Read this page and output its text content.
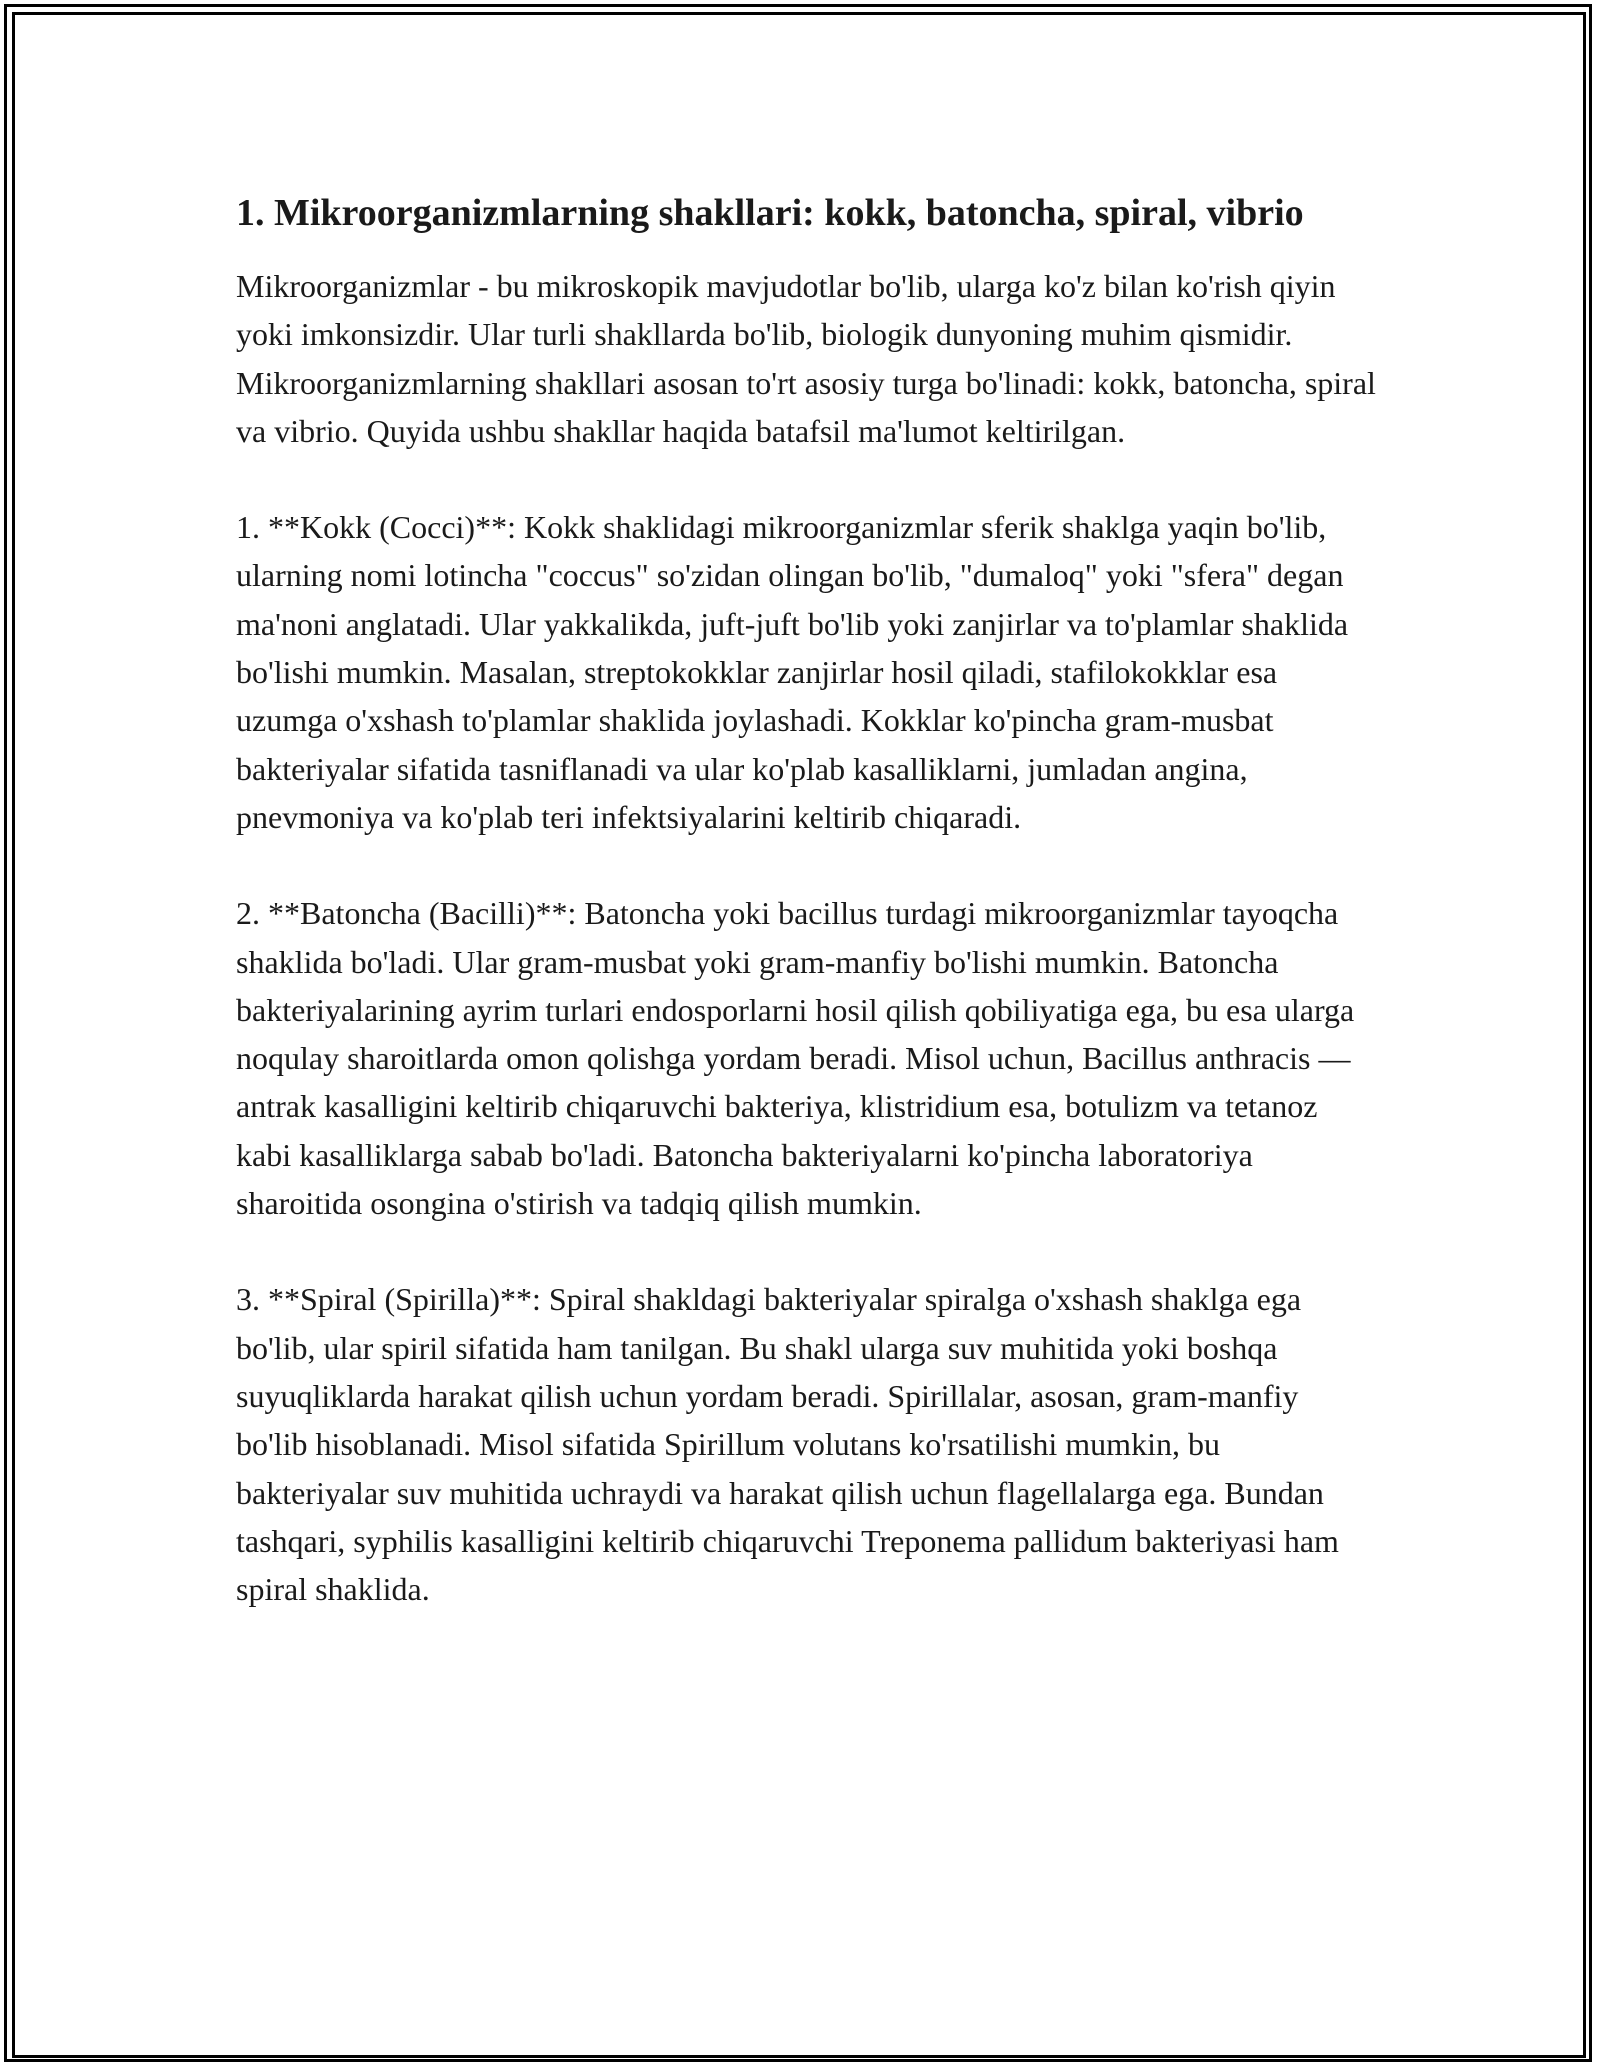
1. Mikroorganizmlarning shakllari: kokk, batoncha, spiral, vibrio

Mikroorganizmlar - bu mikroskopik mavjudotlar bo'lib, ularga ko'z bilan ko'rish qiyin yoki imkonsizdir. Ular turli shakllarda bo'lib, biologik dunyoning muhim qismidir. Mikroorganizmlarning shakllari asosan to'rt asosiy turga bo'linadi: kokk, batoncha, spiral va vibrio. Quyida ushbu shakllar haqida batafsil ma'lumot keltirilgan.

1. **Kokk (Cocci)**: Kokk shaklidagi mikroorganizmlar sferik shaklga yaqin bo'lib, ularning nomi lotincha "coccus" so'zidan olingan bo'lib, "dumaloq" yoki "sfera" degan ma'noni anglatadi. Ular yakkalikda, juft-juft bo'lib yoki zanjirlar va to'plamlar shaklida bo'lishi mumkin. Masalan, streptokokklar zanjirlar hosil qiladi, stafilokokklar esa uzumga o'xshash to'plamlar shaklida joylashadi. Kokklar ko'pincha gram-musbat bakteriyalar sifatida tasniflanadi va ular ko'plab kasalliklarni, jumladan angina, pnevmoniya va ko'plab teri infektsiyalarini keltirib chiqaradi.

2. **Batoncha (Bacilli)**: Batoncha yoki bacillus turdagi mikroorganizmlar tayoqcha shaklida bo'ladi. Ular gram-musbat yoki gram-manfiy bo'lishi mumkin. Batoncha bakteriyalarining ayrim turlari endosporlarni hosil qilish qobiliyatiga ega, bu esa ularga noqulay sharoitlarda omon qolishga yordam beradi. Misol uchun, Bacillus anthracis — antrak kasalligini keltirib chiqaruvchi bakteriya, klistridium esa, botulizm va tetanoz kabi kasalliklarga sabab bo'ladi. Batoncha bakteriyalarni ko'pincha laboratoriya sharoitida osongina o'stirish va tadqiq qilish mumkin.

3. **Spiral (Spirilla)**: Spiral shakldagi bakteriyalar spiralga o'xshash shaklga ega bo'lib, ular spiril sifatida ham tanilgan. Bu shakl ularga suv muhitida yoki boshqa suyuqliklarda harakat qilish uchun yordam beradi. Spirillalar, asosan, gram-manfiy bo'lib hisoblanadi. Misol sifatida Spirillum volutans ko'rsatilishi mumkin, bu bakteriyalar suv muhitida uchraydi va harakat qilish uchun flagellalarga ega. Bundan tashqari, syphilis kasalligini keltirib chiqaruvchi Treponema pallidum bakteriyasi ham spiral shaklida.
